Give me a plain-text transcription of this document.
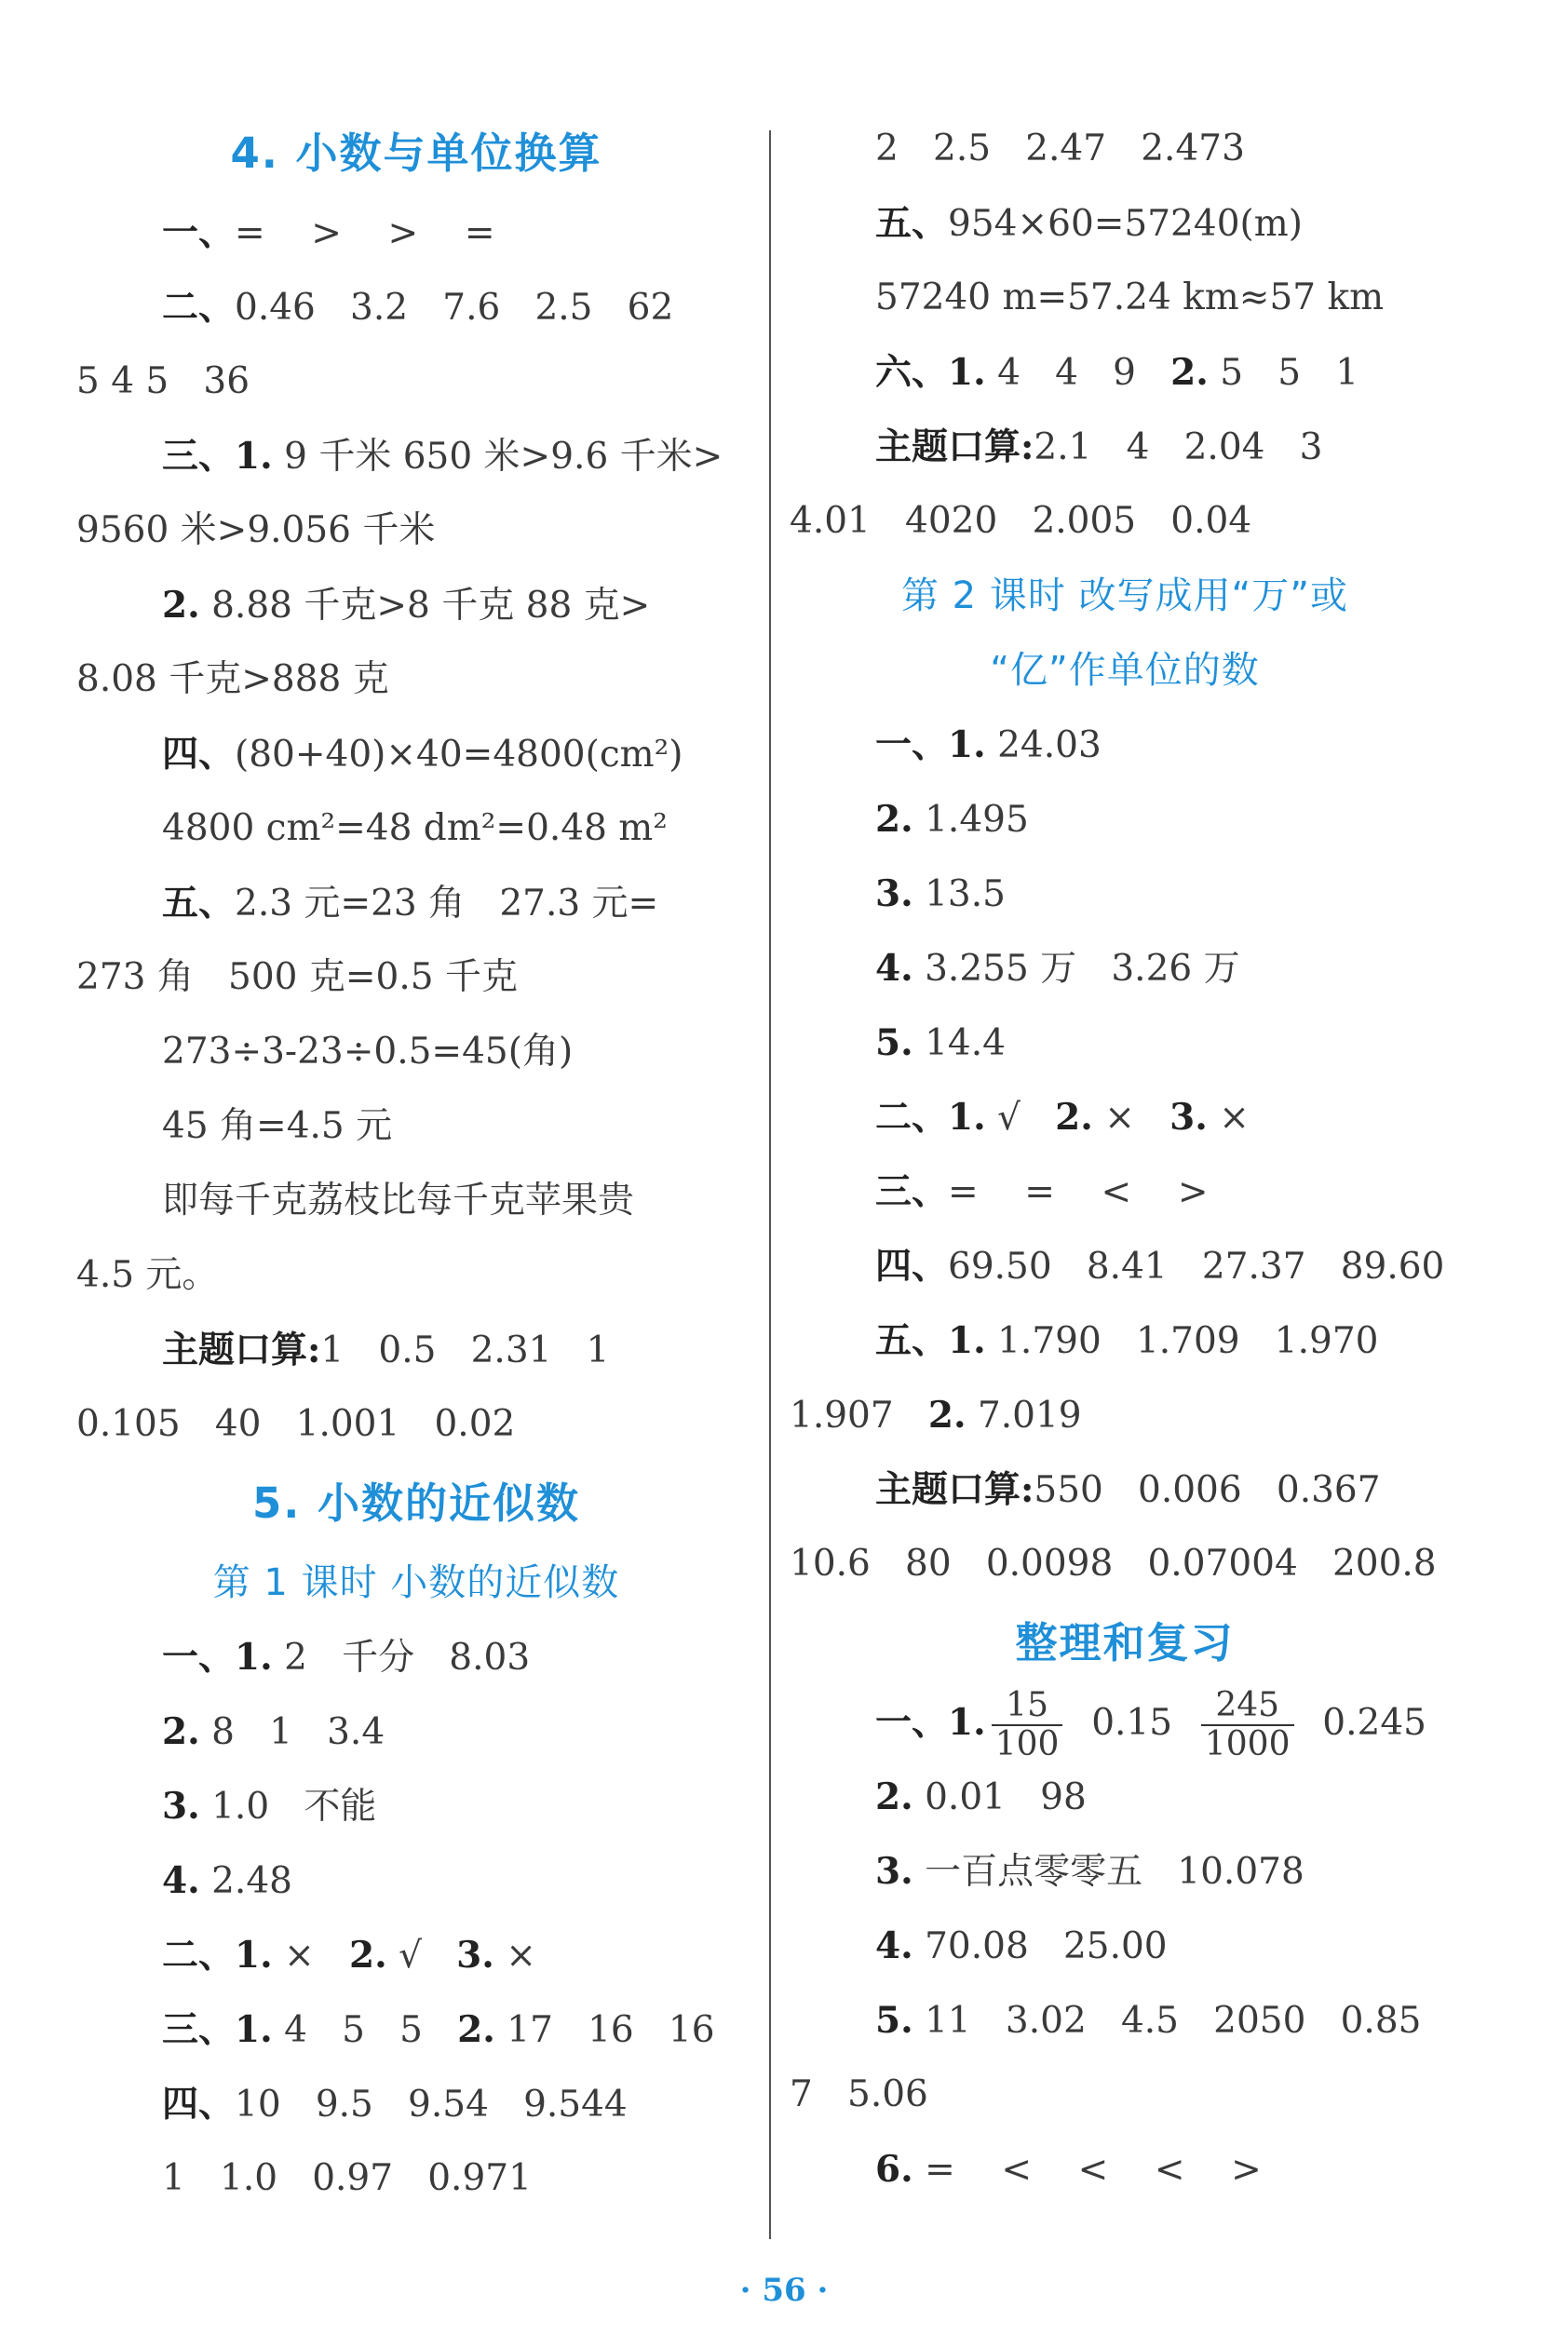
4. 小数与单位换算
一、=    >    >    =
二、0.46   3.2   7.6   2.5   62
5 4 5   36
三、1. 9 千米 650 米>9.6 千米>
9560 米>9.056 千米
2. 8.88 千克>8 千克 88 克>
8.08 千克>888 克
四、(80+40)×40=4800(cm²)
4800 cm²=48 dm²=0.48 m²
五、2.3 元=23 角   27.3 元=
273 角   500 克=0.5 千克
273÷3-23÷0.5=45(角)
45 角=4.5 元
即每千克荔枝比每千克苹果贵
4.5 元。
主题口算:1   0.5   2.31   1
0.105   40   1.001   0.02
5. 小数的近似数
第 1 课时 小数的近似数
一、1. 2   千分   8.03
2. 8   1   3.4
3. 1.0   不能
4. 2.48
二、1. ×   2. √   3. ×
三、1. 4   5   5   2. 17   16   16
四、10   9.5   9.54   9.544
1   1.0   0.97   0.971
2   2.5   2.47   2.473
五、954×60=57240(m)
57240 m=57.24 km≈57 km
六、1. 4   4   9   2. 5   5   1
主题口算:2.1   4   2.04   3
4.01   4020   2.005   0.04
第 2 课时 改写成用“万”或
“亿”作单位的数
一、1. 24.03
2. 1.495
3. 13.5
4. 3.255 万   3.26 万
5. 14.4
二、1. √   2. ×   3. ×
三、=    =    <    >
四、69.50   8.41   27.37   89.60
五、1. 1.790   1.709   1.970
1.907   2. 7.019
主题口算:550   0.006   0.367
10.6   80   0.0098   0.07004   200.8
整理和复习
一、1. $\frac{15}{100} 0.15 \frac{245}{1000} 0.245$
2. 0.01   98
3. 一百点零零五   10.078
4. 70.08   25.00
5. 11   3.02   4.5   2050   0.85
7   5.06
6. =    <    <    <    >
· 56 ·
